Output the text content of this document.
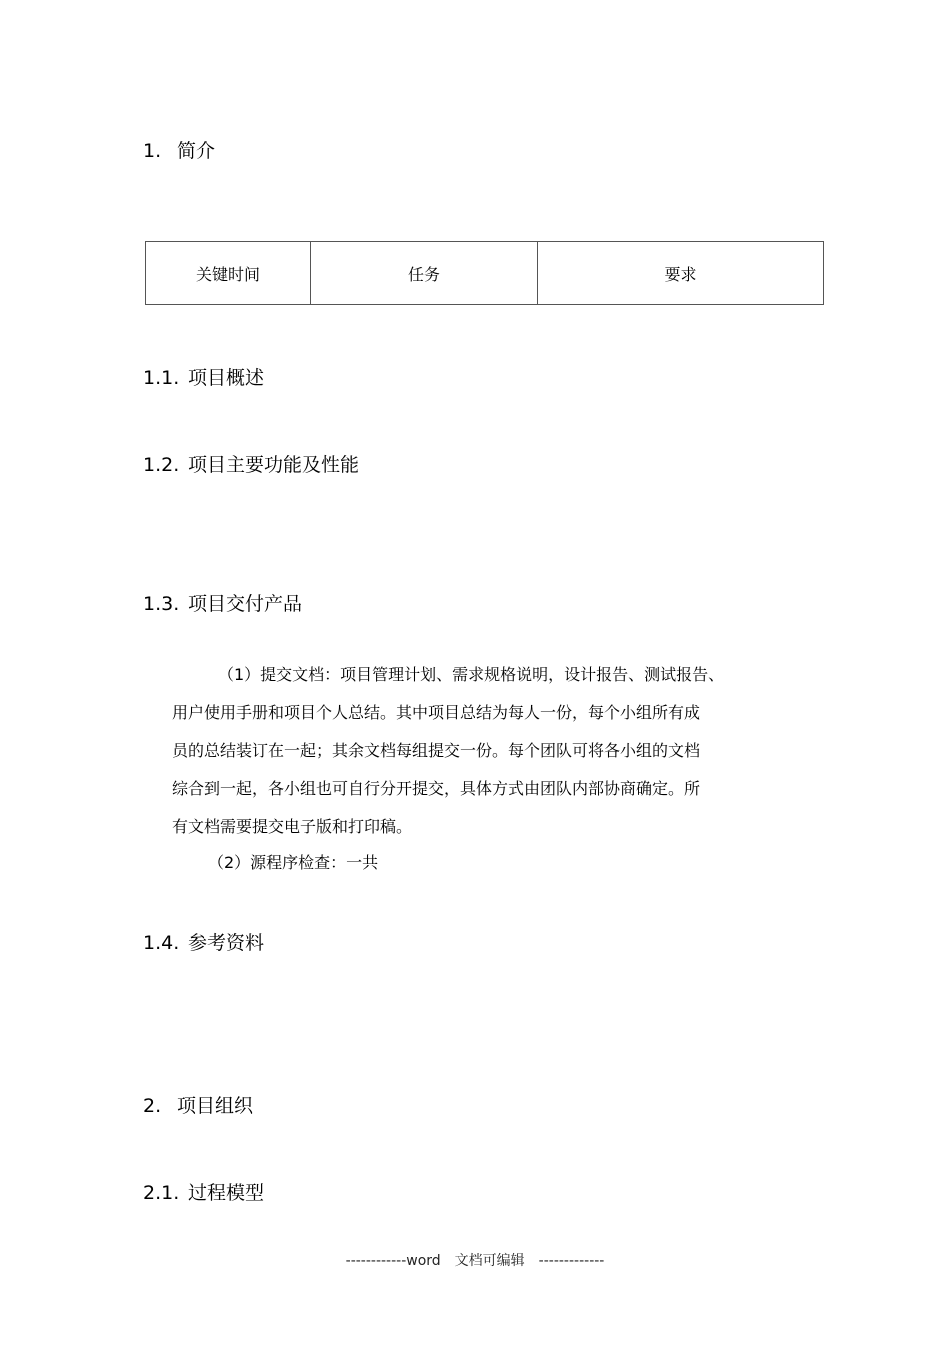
1. 简介
关键时间	任务	要求
1.1. 项目概述
1.2. 项目主要功能及性能
1.3. 项目交付产品
（1）提交文档：项目管理计划、需求规格说明，设计报告、测试报告、
用户使用手册和项目个人总结。其中项目总结为每人一份，每个小组所有成
员的总结装订在一起；其余文档每组提交一份。每个团队可将各小组的文档
综合到一起，各小组也可自行分开提交，具体方式由团队内部协商确定。所
有文档需要提交电子版和打印稿。
（2）源程序检查：一共
1.4. 参考资料
2. 项目组织
2.1. 过程模型
------------word　文档可编辑　-------------
